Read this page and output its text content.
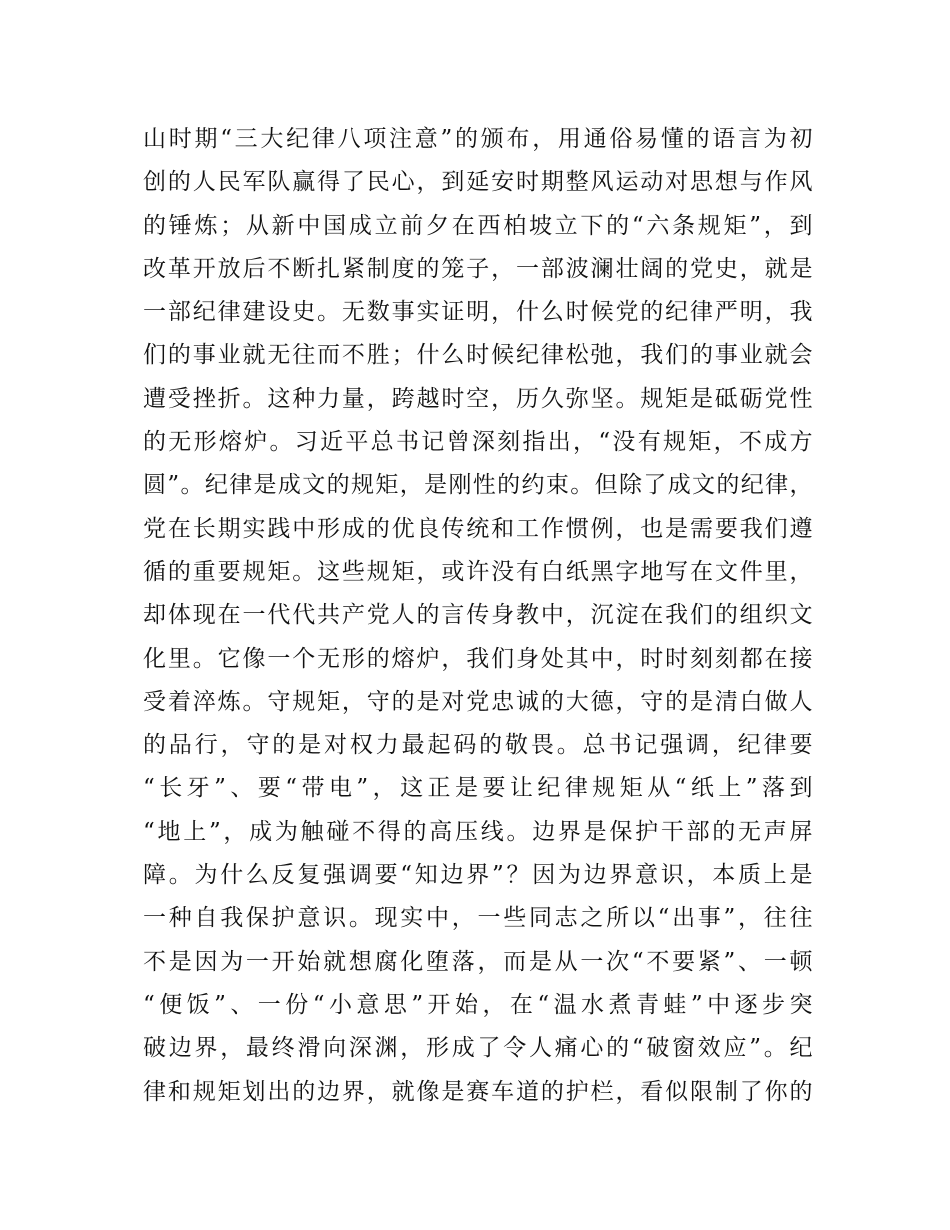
山时期“三大纪律八项注意”的颁布，用通俗易懂的语言为初
创的人民军队赢得了民心，到延安时期整风运动对思想与作风
的锤炼；从新中国成立前夕在西柏坡立下的“六条规矩”，到
改革开放后不断扎紧制度的笼子，一部波澜壮阔的党史，就是
一部纪律建设史。无数事实证明，什么时候党的纪律严明，我
们的事业就无往而不胜；什么时候纪律松弛，我们的事业就会
遭受挫折。这种力量，跨越时空，历久弥坚。规矩是砥砺党性
的无形熔炉。习近平总书记曾深刻指出，“没有规矩，不成方
圆”。纪律是成文的规矩，是刚性的约束。但除了成文的纪律，
党在长期实践中形成的优良传统和工作惯例，也是需要我们遵
循的重要规矩。这些规矩，或许没有白纸黑字地写在文件里，
却体现在一代代共产党人的言传身教中，沉淀在我们的组织文
化里。它像一个无形的熔炉，我们身处其中，时时刻刻都在接
受着淬炼。守规矩，守的是对党忠诚的大德，守的是清白做人
的品行，守的是对权力最起码的敬畏。总书记强调，纪律要
“长牙”、要“带电”，这正是要让纪律规矩从“纸上”落到
“地上”，成为触碰不得的高压线。边界是保护干部的无声屏
障。为什么反复强调要“知边界”？因为边界意识，本质上是
一种自我保护意识。现实中，一些同志之所以“出事”，往往
不是因为一开始就想腐化堕落，而是从一次“不要紧”、一顿
“便饭”、一份“小意思”开始，在“温水煮青蛙”中逐步突
破边界，最终滑向深渊，形成了令人痛心的“破窗效应”。纪
律和规矩划出的边界，就像是赛车道的护栏，看似限制了你的
